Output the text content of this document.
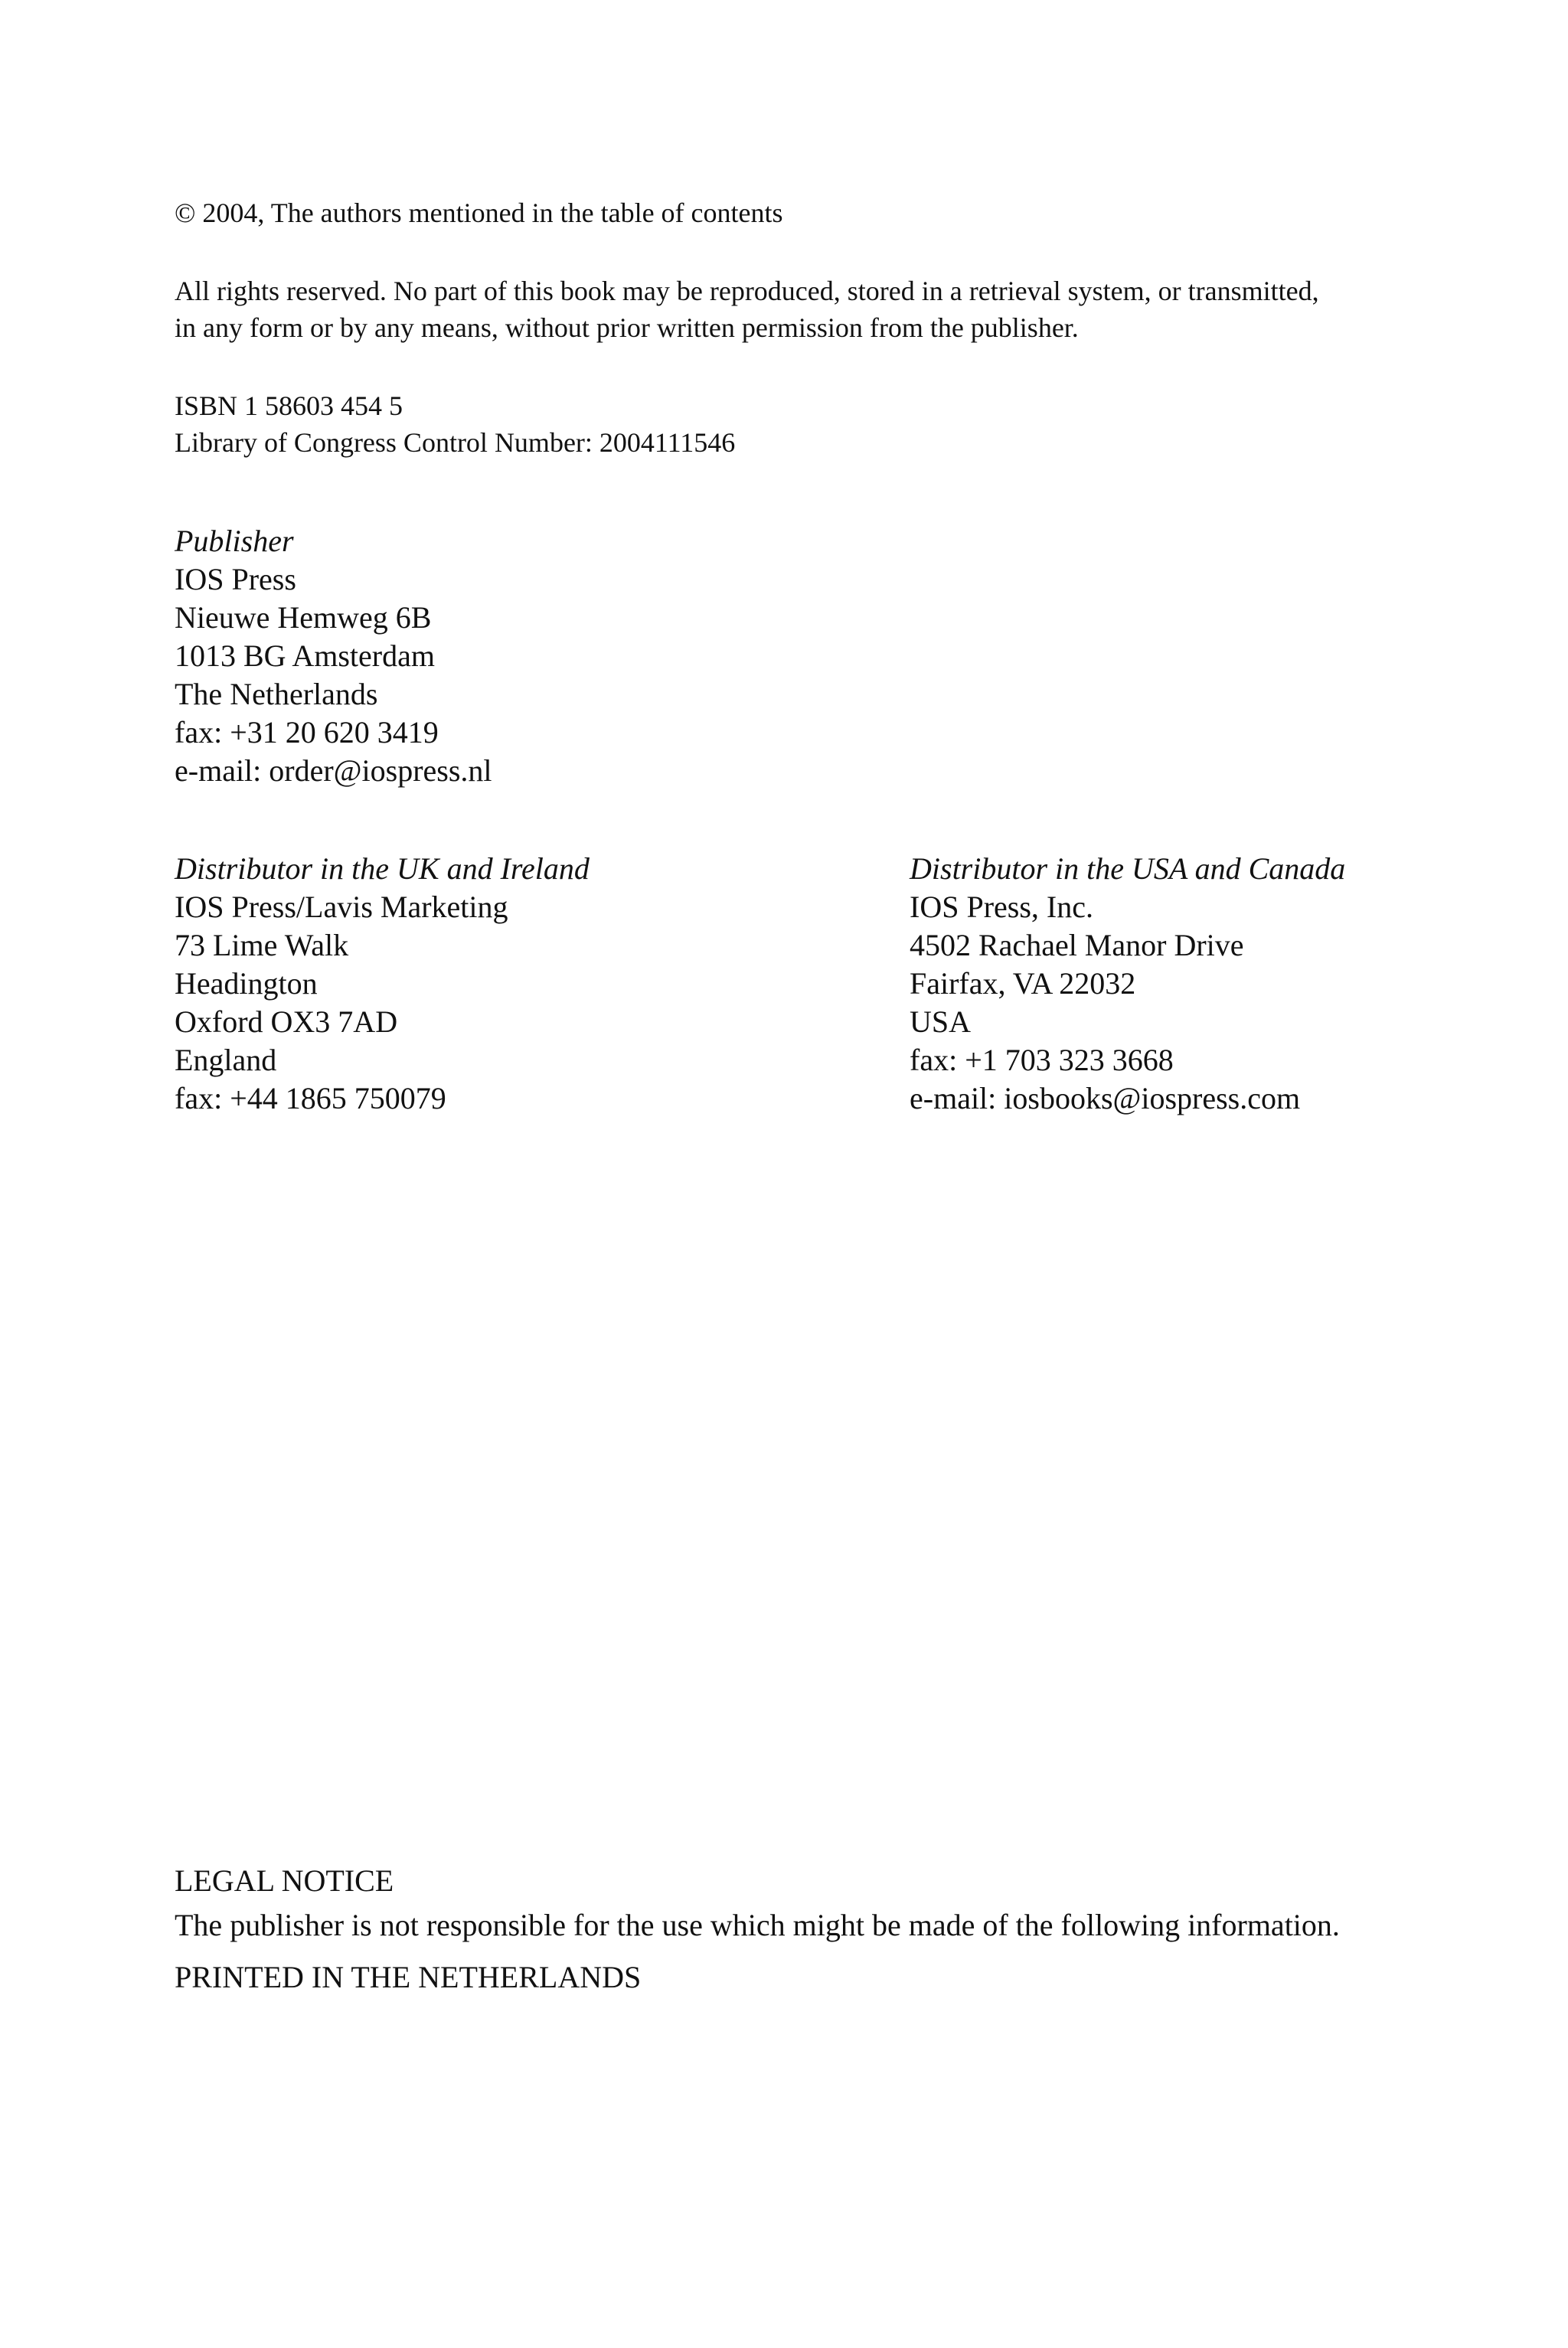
© 2004, The authors mentioned in the table of contents

All rights reserved. No part of this book may be reproduced, stored in a retrieval system, or transmitted,
in any form or by any means, without prior written permission from the publisher.

ISBN 1 58603 454 5
Library of Congress Control Number: 2004111546

Publisher
IOS Press
Nieuwe Hemweg 6B
1013 BG Amsterdam
The Netherlands
fax: +31 20 620 3419
e-mail: order@iospress.nl
Distributor in the UK and Ireland
IOS Press/Lavis Marketing
73 Lime Walk
Headington
Oxford OX3 7AD
England
fax: +44 1865 750079
Distributor in the USA and Canada
IOS Press, Inc.
4502 Rachael Manor Drive
Fairfax, VA 22032
USA
fax: +1 703 323 3668
e-mail: iosbooks@iospress.com
LEGAL NOTICE
The publisher is not responsible for the use which might be made of the following information.
PRINTED IN THE NETHERLANDS
